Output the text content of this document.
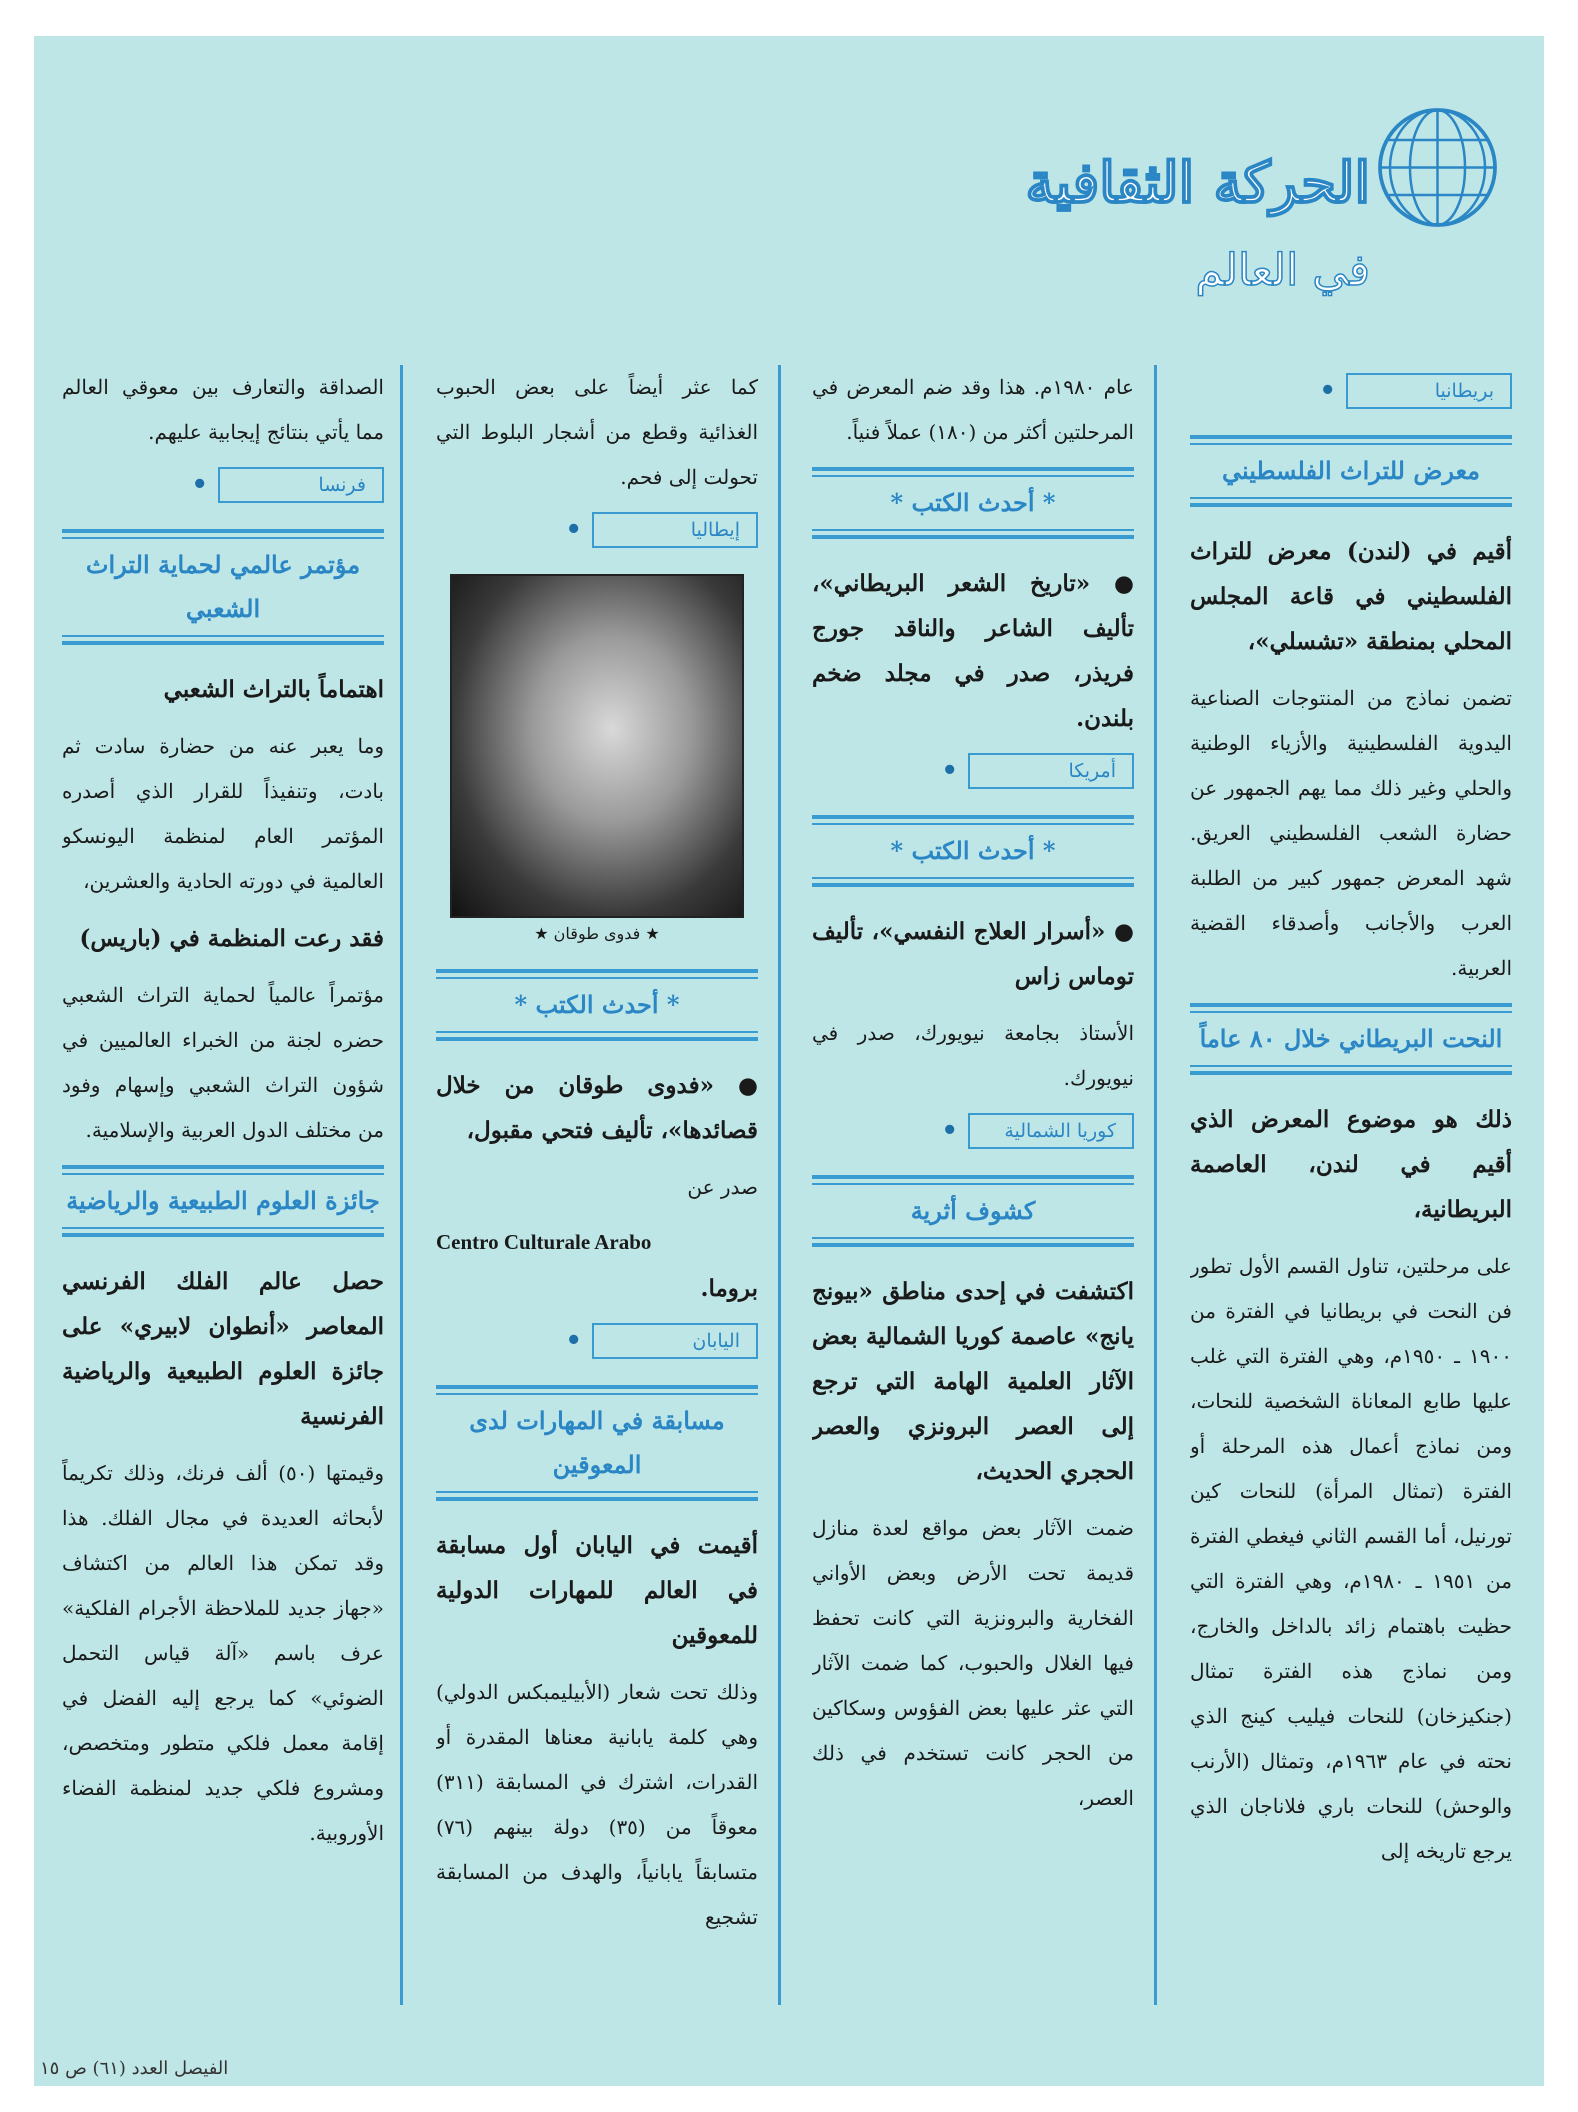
الحركة الثقافية
في العالم
بريطانيا
•
معرض للتراث الفلسطيني

أقيم في (لندن) معرض للتراث الفلسطيني في قاعة المجلس المحلي بمنطقة «تشسلي»،

تضمن نماذج من المنتوجات الصناعية اليدوية الفلسطينية والأزياء الوطنية والحلي وغير ذلك مما يهم الجمهور عن حضارة الشعب الفلسطيني العريق. شهد المعرض جمهور كبير من الطلبة العرب والأجانب وأصدقاء القضية العربية.

النحت البريطاني خلال ٨٠ عاماً

ذلك هو موضوع المعرض الذي أقيم في لندن، العاصمة البريطانية،

على مرحلتين، تناول القسم الأول تطور فن النحت في بريطانيا في الفترة من ١٩٠٠ ـ ١٩٥٠م، وهي الفترة التي غلب عليها طابع المعاناة الشخصية للنحات، ومن نماذج أعمال هذه المرحلة أو الفترة (تمثال المرأة) للنحات كين تورنيل، أما القسم الثاني فيغطي الفترة من ١٩٥١ ـ ١٩٨٠م، وهي الفترة التي حظيت باهتمام زائد بالداخل والخارج، ومن نماذج هذه الفترة تمثال (جنكيزخان) للنحات فيليب كينج الذي نحته في عام ١٩٦٣م، وتمثال (الأرنب والوحش) للنحات باري فلاناجان الذي يرجع تاريخه إلى

عام ١٩٨٠م. هذا وقد ضم المعرض في المرحلتين أكثر من (١٨٠) عملاً فنياً.

* أحدث الكتب *

● «تاريخ الشعر البريطاني»، تأليف الشاعر والناقد جورج فريذر، صدر في مجلد ضخم بلندن.

أمريكا
•
* أحدث الكتب *

● «أسرار العلاج النفسي»، تأليف توماس زاس

الأستاذ بجامعة نيويورك، صدر في نيويورك.

كوريا الشمالية
•
كشوف أثرية

اكتشفت في إحدى مناطق «بيونج يانج» عاصمة كوريا الشمالية بعض الآثار العلمية الهامة التي ترجع إلى العصر البرونزي والعصر الحجري الحديث،

ضمت الآثار بعض مواقع لعدة منازل قديمة تحت الأرض وبعض الأواني الفخارية والبرونزية التي كانت تحفظ فيها الغلال والحبوب، كما ضمت الآثار التي عثر عليها بعض الفؤوس وسكاكين من الحجر كانت تستخدم في ذلك العصر،

كما عثر أيضاً على بعض الحبوب الغذائية وقطع من أشجار البلوط التي تحولت إلى فحم.

إيطاليا
•
★ فدوى طوقان ★
* أحدث الكتب *

● «فدوى طوقان من خلال قصائدها»، تأليف فتحي مقبول،

صدر عن

Centro Culturale Arabo

بروما.

اليابان
•
مسابقة في المهارات لدى المعوقين

أقيمت في اليابان أول مسابقة في العالم للمهارات الدولية للمعوقين

وذلك تحت شعار (الأبيليمبكس الدولي) وهي كلمة يابانية معناها المقدرة أو القدرات، اشترك في المسابقة (٣١١) معوقاً من (٣٥) دولة بينهم (٧٦) متسابقاً يابانياً، والهدف من المسابقة تشجيع

الصداقة والتعارف بين معوقي العالم مما يأتي بنتائج إيجابية عليهم.

فرنسا
•
مؤتمر عالمي لحماية التراث الشعبي

اهتماماً بالتراث الشعبي

وما يعبر عنه من حضارة سادت ثم بادت، وتنفيذاً للقرار الذي أصدره المؤتمر العام لمنظمة اليونسكو العالمية في دورته الحادية والعشرين،

فقد رعت المنظمة في (باريس)

مؤتمراً عالمياً لحماية التراث الشعبي حضره لجنة من الخبراء العالميين في شؤون التراث الشعبي وإسهام وفود من مختلف الدول العربية والإسلامية.

جائزة العلوم الطبيعية والرياضية

حصل عالم الفلك الفرنسي المعاصر «أنطوان لابيري» على جائزة العلوم الطبيعية والرياضية الفرنسية

وقيمتها (٥٠) ألف فرنك، وذلك تكريماً لأبحاثه العديدة في مجال الفلك. هذا وقد تمكن هذا العالم من اكتشاف «جهاز جديد للملاحظة الأجرام الفلكية» عرف باسم «آلة قياس التحمل الضوئي» كما يرجع إليه الفضل في إقامة معمل فلكي متطور ومتخصص، ومشروع فلكي جديد لمنظمة الفضاء الأوروبية.

الفيصل العدد (٦١) ص ١٥
